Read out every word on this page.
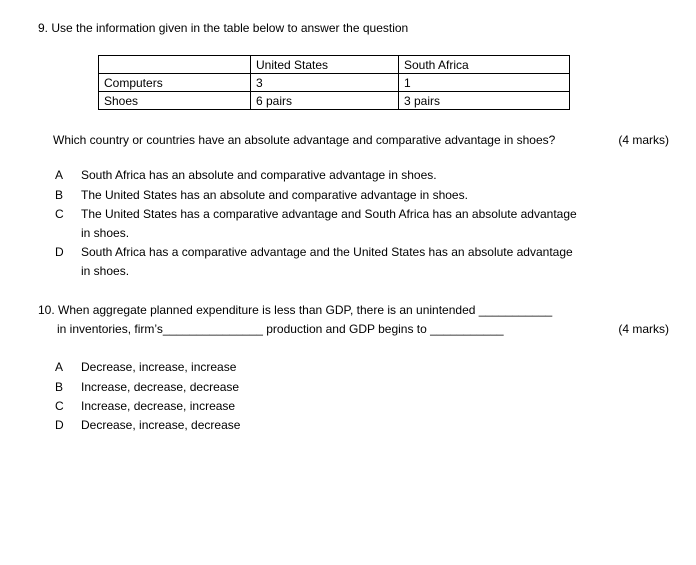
9. Use the information given in the table below to answer the question
	United States	South Africa
Computers	3	1
Shoes	6 pairs	3 pairs
Which country or countries have an absolute advantage and comparative advantage in shoes?	(4 marks)
A South Africa has an absolute and comparative advantage in shoes.
B The United States has an absolute and comparative advantage in shoes.
C The United States has a comparative advantage and South Africa has an absolute advantage
in shoes.
D South Africa has a comparative advantage and the United States has an absolute advantage
in shoes.
10. When aggregate planned expenditure is less than GDP, there is an unintended ___________
in inventories, firm’s_______________ production and GDP begins to ___________	(4 marks)
A Decrease, increase, increase
B Increase, decrease, decrease
C Increase, decrease, increase
D Decrease, increase, decrease
